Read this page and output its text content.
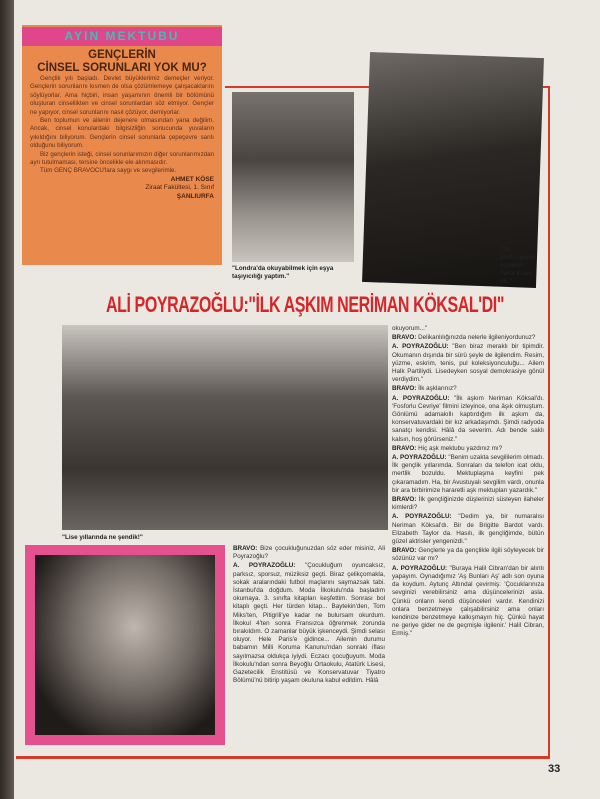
AYIN MEKTUBU
GENÇLERİN
CİNSEL SORUNLARI YOK MU?

Gençlik yılı başladı. Devlet büyüklerimiz demeçler veriyor. Gençlerin sorunlarını kısmen de olsa çözümlemeye çalışacaklarını söylüyorlar. Ama hiçbiri, insan yaşamının önemli bir bölümünü oluşturan cinsellikten ve cinsel sorunlardan söz etmiyor. Gençler ne yapıyor, cinsel sorunlarını nasıl çözüyor, demiyorlar.

Ben toplumun ve ailenin dejenere olmasından yana değilim. Ancak, cinsel konulardaki bilgisizliğin sonucunda yuvaların yıkıldığını biliyorum. Gençlerin cinsel sorunlarla çepeçevre sarılı olduğunu biliyorum.

Biz gençlerin isteği, cinsel sorunlarımızın diğer sorunlarımızdan ayrı tutulmaması, tersine öncelikle ele alınmasıdır.

Tüm GENÇ BRAVOCU'lara saygı ve sevgilerimle.

AHMET KÖSE
Ziraat Fakültesi, 1. Sınıf
ŞANLIURFA
"Londra'da okuyabilmek için eşya taşıyıcılığı yaptım."
"İlk profesyonel oyunum Tarla Kuşu idi."
ALİ POYRAZOĞLU:"İLK AŞKIM NERİMAN KÖKSAL'DI"
"Lise yıllarında ne şendik!"

BRAVO: Bize çocukluğunuzdan söz eder misiniz, Ali Poyrazoğlu?

A. POYRAZOĞLU: "Çocukluğum oyuncaksız, parksız, sporsuz, müziksiz geçti. Biraz çelikçomakla, sokak aralarındaki futbol maçlarını saymazsak tabi. İstanbul'da doğdum. Moda İlkokulu'nda başladım okumaya. 3. sınıfta kitapları keşfettim. Sonrası bol kitaplı geçti. Her türden kitap... Baytekin'den, Tom Miks'ten, Pitigrili'ye kadar ne bulursam okurdum. İlkokul 4'ten sonra Fransızca öğrenmek zorunda bırakıldım. O zamanlar büyük işkenceydi. Şimdi selası oluyor. Hele Paris'e gidince... Ailemin durumu babamın Milli Koruma Kanunu'ndan sonraki iflası sayılmazsa oldukça iyiydi. Eczacı çocuğuyum. Moda İlkokulu'ndan sonra Beyoğlu Ortaokulu, Atatürk Lisesi, Gazetecilik Enstitüsü ve Konservatuvar Tiyatro Bölümü'nü bitirip yaşam okuluna kabul edildim. Hâlâ

okuyorum..."

BRAVO: Delikanlılığınızda nelerle ilgileniyordunuz?

A. POYRAZOĞLU: "Ben biraz meraklı bir tipimdir. Okumanın dışında bir sürü şeyle de ilgilendim. Resim, yüzme, eskrim, tenis, pul koleksiyonculuğu... Ailem Halk Partiliydi. Lisedeyken sosyal demokrasiye gönül verdiydim."

BRAVO: İlk aşklarınız?

A. POYRAZOĞLU: "İlk aşkım Neriman Köksal'dı. 'Fosforlu Cevriye' filmini izleyince, ona âşık olmuştum. Gönlümü adamakıllı kaptırdığım ilk aşkım da, konservatuvardaki bir kız arkadaşımdı. Şimdi radyoda sanatçı kendisi. Hâlâ da severim. Adı bende saklı kalsın, hoş görürseniz."

BRAVO: Hiç aşk mektubu yazdınız mı?

A. POYRAZOĞLU: "Benim uzakta sevgililerim olmadı. İlk gençlik yıllarımda. Sonraları da telefon icat oldu, mertlik bozuldu. Mektuplaşma keyfini pek çıkaramadım. Ha, bir Avustuyalı sevgilim vardı, onunla bir ara birbirimize hararetli aşk mektupları yazardık."

BRAVO: İlk gençliğinizde düşlerinizi süsleyen ilaheler kimlerdi?

A. POYRAZOĞLU: "Dedim ya, bir numaralısı Neriman Köksal'dı. Bir de Brigitte Bardot vardı. Elizabeth Taylor da. Hasılı, ilk gençliğimde, bütün güzel aktrisler yengenizdi."

BRAVO: Gençlerle ya da gençlikle ilgili söyleyecek bir sözünüz var mı?

A. POYRAZOĞLU: "Buraya Halil Cibran'dan bir alıntı yapayım. Oynadığımız 'Aş Bunları Aş' adlı son oyuna da koydum. Aytunç Altındal çevirmiş: 'Çocuklarınıza sevginizi verebilirsiniz ama düşüncelerinizi asla. Çünkü onların kendi düşünceleri vardır. Kendinizi onlara benzetmeye çalışabilirsiniz ama onları kendinize benzetmeye kalkışmayın hiç. Çünkü hayat ne geriye gider ne de geçmişle ilgilenir.' Halil Cibran, Ermiş."

33
